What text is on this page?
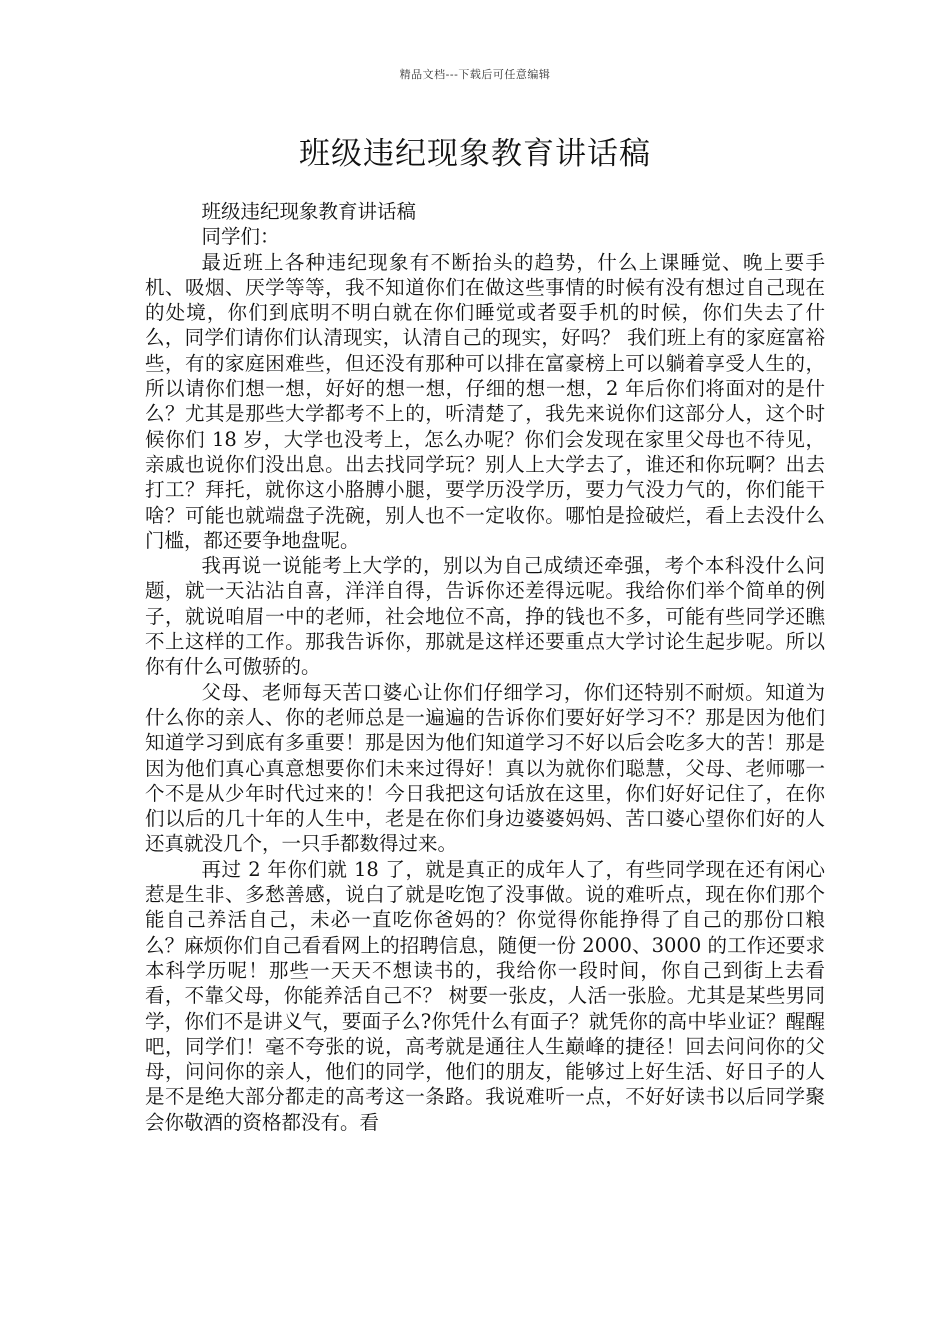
精品文档---下载后可任意编辑
班级违纪现象教育讲话稿

班级违纪现象教育讲话稿

同学们：

最近班上各种违纪现象有不断抬头的趋势，什么上课睡觉、晚上要手机、吸烟、厌学等等，我不知道你们在做这些事情的时候有没有想过自己现在的处境，你们到底明不明白就在你们睡觉或者耍手机的时候，你们失去了什么，同学们请你们认清现实，认清自己的现实，好吗？ 我们班上有的家庭富裕些，有的家庭困难些，但还没有那种可以排在富豪榜上可以躺着享受人生的，所以请你们想一想，好好的想一想，仔细的想一想，2 年后你们将面对的是什么？尤其是那些大学都考不上的，听清楚了，我先来说你们这部分人，这个时候你们 18 岁，大学也没考上，怎么办呢？你们会发现在家里父母也不待见，亲戚也说你们没出息。出去找同学玩？别人上大学去了，谁还和你玩啊？出去打工？拜托，就你这小胳膊小腿，要学历没学历，要力气没力气的，你们能干啥？可能也就端盘子洗碗，别人也不一定收你。哪怕是捡破烂，看上去没什么门槛，都还要争地盘呢。

我再说一说能考上大学的，别以为自己成绩还牵强，考个本科没什么问题，就一天沾沾自喜，洋洋自得，告诉你还差得远呢。我给你们举个简单的例子，就说咱眉一中的老师，社会地位不高，挣的钱也不多，可能有些同学还瞧不上这样的工作。那我告诉你，那就是这样还要重点大学讨论生起步呢。所以你有什么可傲骄的。

父母、老师每天苦口婆心让你们仔细学习，你们还特别不耐烦。知道为什么你的亲人、你的老师总是一遍遍的告诉你们要好好学习不？那是因为他们知道学习到底有多重要！那是因为他们知道学习不好以后会吃多大的苦！那是因为他们真心真意想要你们未来过得好！真以为就你们聪慧，父母、老师哪一个不是从少年时代过来的！今日我把这句话放在这里，你们好好记住了，在你们以后的几十年的人生中，老是在你们身边婆婆妈妈、苦口婆心望你们好的人还真就没几个，一只手都数得过来。

再过 2 年你们就 18 了，就是真正的成年人了，有些同学现在还有闲心惹是生非、多愁善感，说白了就是吃饱了没事做。说的难听点，现在你们那个能自己养活自己，未必一直吃你爸妈的？你觉得你能挣得了自己的那份口粮么？麻烦你们自己看看网上的招聘信息，随便一份 2000、3000 的工作还要求本科学历呢！那些一天天不想读书的，我给你一段时间，你自己到街上去看看，不靠父母，你能养活自己不？ 树要一张皮，人活一张脸。尤其是某些男同学，你们不是讲义气，要面子么?你凭什么有面子？就凭你的高中毕业证？醒醒吧，同学们！毫不夸张的说，高考就是通往人生巅峰的捷径！回去问问你的父母，问问你的亲人，他们的同学，他们的朋友，能够过上好生活、好日子的人是不是绝大部分都走的高考这一条路。我说难听一点，不好好读书以后同学聚会你敬酒的资格都没有。看
